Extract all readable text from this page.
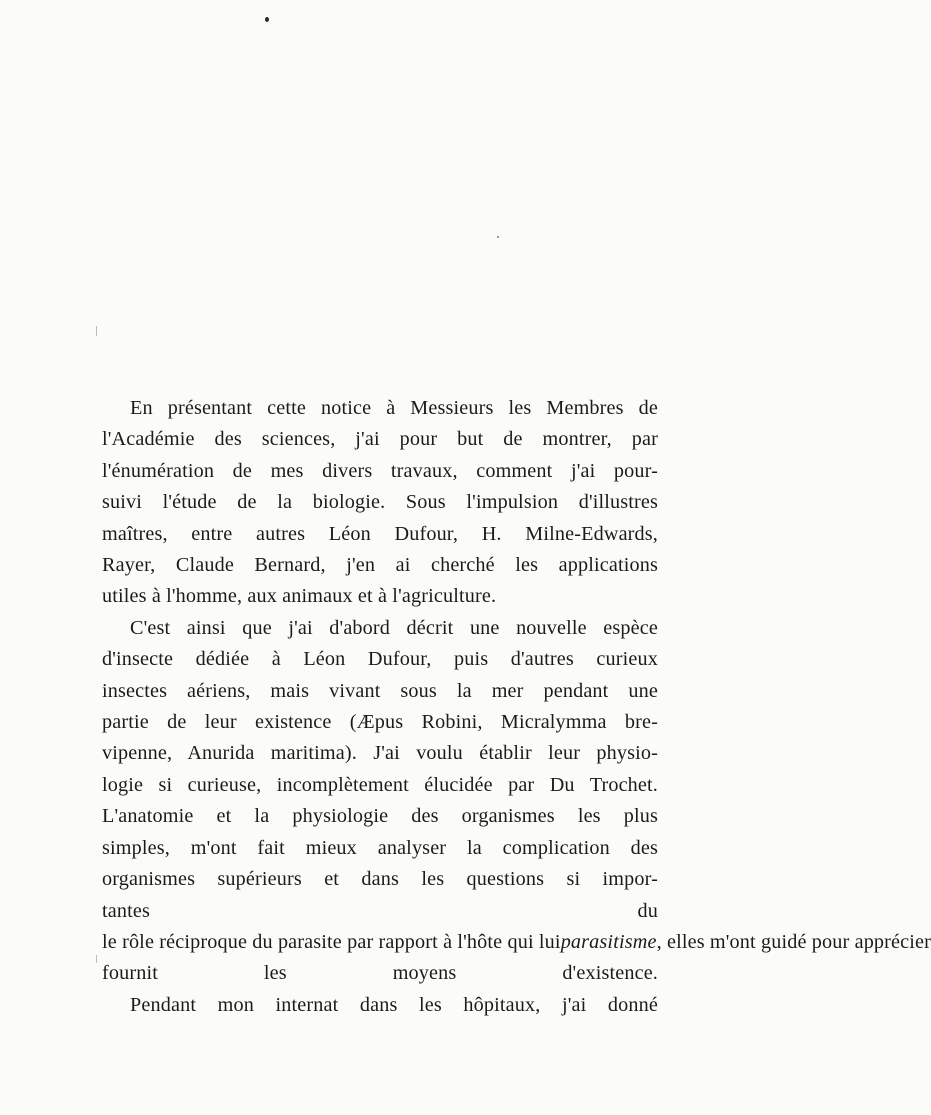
En présentant cette notice à Messieurs les Membres de
l'Académie des sciences, j'ai pour but de montrer, par
l'énumération de mes divers travaux, comment j'ai pour-
suivi l'étude de la biologie. Sous l'impulsion d'illustres
maîtres, entre autres Léon Dufour, H. Milne-Edwards,
Rayer, Claude Bernard, j'en ai cherché les applications
utiles à l'homme, aux animaux et à l'agriculture.

C'est ainsi que j'ai d'abord décrit une nouvelle espèce
d'insecte dédiée à Léon Dufour, puis d'autres curieux
insectes aériens, mais vivant sous la mer pendant une
partie de leur existence (Æpus Robini, Micralymma bre-
vipenne, Anurida maritima). J'ai voulu établir leur physio-
logie si curieuse, incomplètement élucidée par Du Trochet.
L'anatomie et la physiologie des organismes les plus
simples, m'ont fait mieux analyser la complication des
organismes supérieurs et dans les questions si impor-
tantes du
le rôle réciproque du parasite par rapport à l'hôte qui luiparasitisme, elles m'ont guidé pour apprécier
fournit les moyens d'existence.

Pendant mon internat dans les hôpitaux, j'ai donné
